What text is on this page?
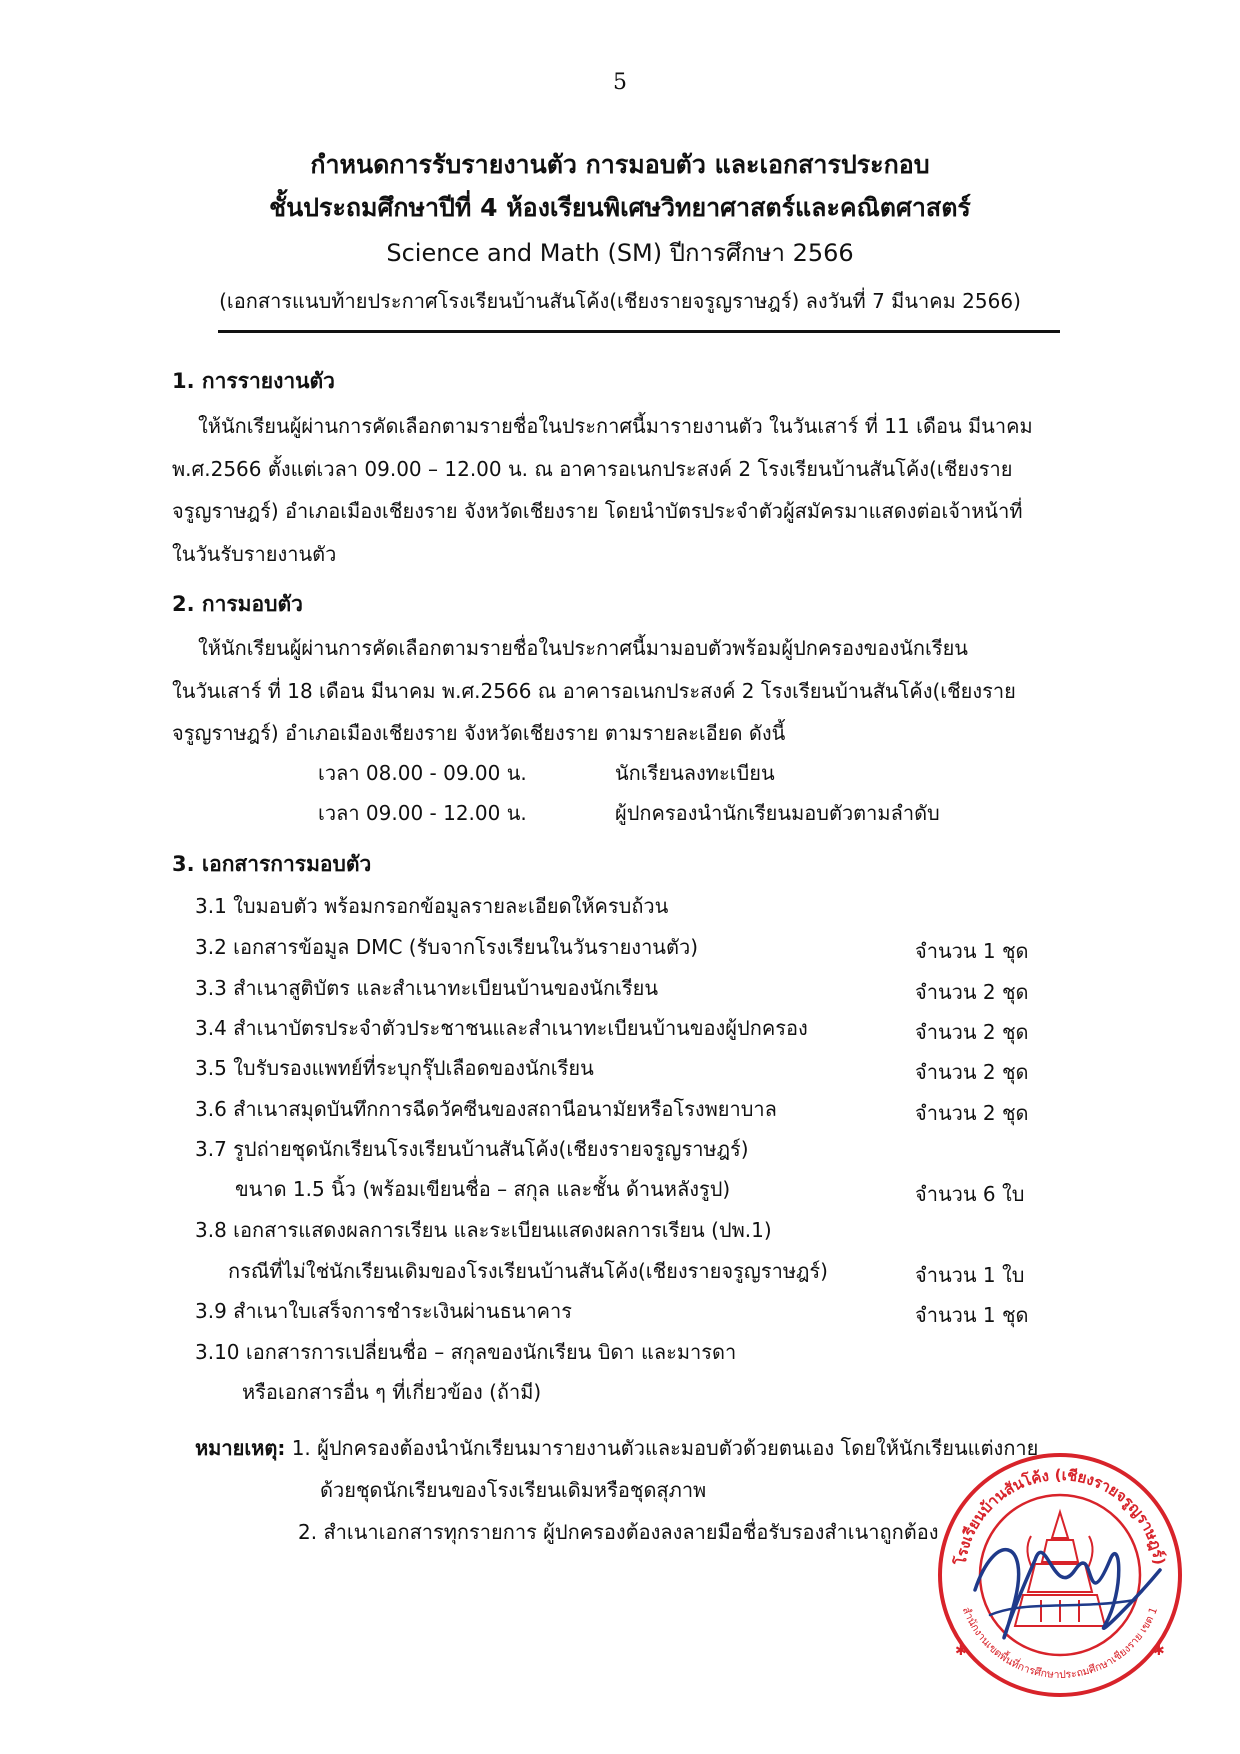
5
กำหนดการรับรายงานตัว การมอบตัว และเอกสารประกอบ
ชั้นประถมศึกษาปีที่ 4 ห้องเรียนพิเศษวิทยาศาสตร์และคณิตศาสตร์
Science and Math (SM) ปีการศึกษา 2566
(เอกสารแนบท้ายประกาศโรงเรียนบ้านสันโค้ง(เชียงรายจรูญราษฎร์) ลงวันที่ 7 มีนาคม 2566)
1. การรายงานตัว
ให้นักเรียนผู้ผ่านการคัดเลือกตามรายชื่อในประกาศนี้มารายงานตัว ในวันเสาร์ ที่ 11 เดือน มีนาคม
พ.ศ.2566 ตั้งแต่เวลา 09.00 – 12.00 น. ณ อาคารอเนกประสงค์ 2 โรงเรียนบ้านสันโค้ง(เชียงราย
จรูญราษฎร์) อำเภอเมืองเชียงราย จังหวัดเชียงราย โดยนำบัตรประจำตัวผู้สมัครมาแสดงต่อเจ้าหน้าที่
ในวันรับรายงานตัว
2. การมอบตัว
ให้นักเรียนผู้ผ่านการคัดเลือกตามรายชื่อในประกาศนี้มามอบตัวพร้อมผู้ปกครองของนักเรียน
ในวันเสาร์ ที่ 18 เดือน มีนาคม พ.ศ.2566 ณ อาคารอเนกประสงค์ 2 โรงเรียนบ้านสันโค้ง(เชียงราย
จรูญราษฎร์) อำเภอเมืองเชียงราย จังหวัดเชียงราย ตามรายละเอียด ดังนี้
เวลา 08.00 - 09.00 น.	นักเรียนลงทะเบียน
เวลา 09.00 - 12.00 น.	ผู้ปกครองนำนักเรียนมอบตัวตามลำดับ
3. เอกสารการมอบตัว
3.1 ใบมอบตัว พร้อมกรอกข้อมูลรายละเอียดให้ครบถ้วน
3.2 เอกสารข้อมูล DMC (รับจากโรงเรียนในวันรายงานตัว)	จำนวน 1 ชุด
3.3 สำเนาสูติบัตร และสำเนาทะเบียนบ้านของนักเรียน	จำนวน 2 ชุด
3.4 สำเนาบัตรประจำตัวประชาชนและสำเนาทะเบียนบ้านของผู้ปกครอง	จำนวน 2 ชุด
3.5 ใบรับรองแพทย์ที่ระบุกรุ๊ปเลือดของนักเรียน	จำนวน 2 ชุด
3.6 สำเนาสมุดบันทึกการฉีดวัคซีนของสถานีอนามัยหรือโรงพยาบาล	จำนวน 2 ชุด
3.7 รูปถ่ายชุดนักเรียนโรงเรียนบ้านสันโค้ง(เชียงรายจรูญราษฎร์)
ขนาด 1.5 นิ้ว (พร้อมเขียนชื่อ – สกุล และชั้น ด้านหลังรูป)	จำนวน 6 ใบ
3.8 เอกสารแสดงผลการเรียน และระเบียนแสดงผลการเรียน (ปพ.1)
กรณีที่ไม่ใช่นักเรียนเดิมของโรงเรียนบ้านสันโค้ง(เชียงรายจรูญราษฎร์)	จำนวน 1 ใบ
3.9 สำเนาใบเสร็จการชำระเงินผ่านธนาคาร	จำนวน 1 ชุด
3.10 เอกสารการเปลี่ยนชื่อ – สกุลของนักเรียน บิดา และมารดา
หรือเอกสารอื่น ๆ ที่เกี่ยวข้อง (ถ้ามี)
หมายเหตุ: 1. ผู้ปกครองต้องนำนักเรียนมารายงานตัวและมอบตัวด้วยตนเอง โดยให้นักเรียนแต่งกาย
ด้วยชุดนักเรียนของโรงเรียนเดิมหรือชุดสุภาพ
2. สำเนาเอกสารทุกรายการ ผู้ปกครองต้องลงลายมือชื่อรับรองสำเนาถูกต้อง
โรงเรียนบ้านสันโค้ง (เชียงรายจรูญราษฎร์)
สำนักงานเขตพื้นที่การศึกษาประถมศึกษาเชียงราย เขต 1
✱	✱
